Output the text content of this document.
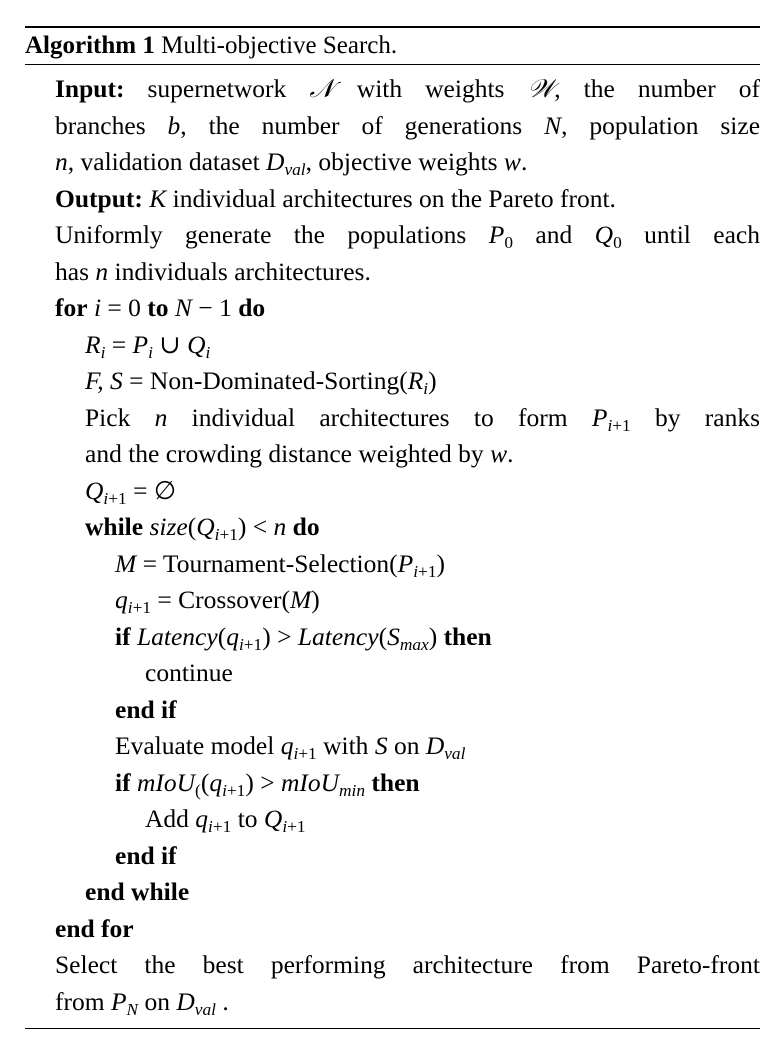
Algorithm 1 Multi-objective Search.
Input: supernetwork 𝒩 with weights 𝒲, the number of
branches b, the number of generations N, population size
n, validation dataset $D_{val}$, objective weights w.
Output: K individual architectures on the Pareto front.
Uniformly generate the populations $P_0$ and $Q_0$ until each
has n individuals architectures.
for i = 0 to N − 1 do
$R_i = P_i$ ∪ $Q_i$
F, S = Non-$Dominated-Sorting(R_i)$
Pick n individual architectures to form $P_{i+1}$ by ranks
and the crowding distance weighted by w.
$Q_{i+1}$ = ∅
while $size(Q_{i+1}) < n$ do
M = Tournament-$Selection(P_{i+1})$
$q_{i+1}$ = Crossover(M)
if $Latency(q_{i+1})$ > $Latency(S_{max})$ then
continue
end if
Evaluate model $q_{i+1}$ with S on $D_{val}$
if $mIoU_((q_{i+1})$ > mIoU$_{min}$ then
Add $q_{i+1}$ to $Q_{i+1}$
end if
end while
end for
Select the best performing architecture from Pareto-front
from $P_N$ on $D_{val}$ .
